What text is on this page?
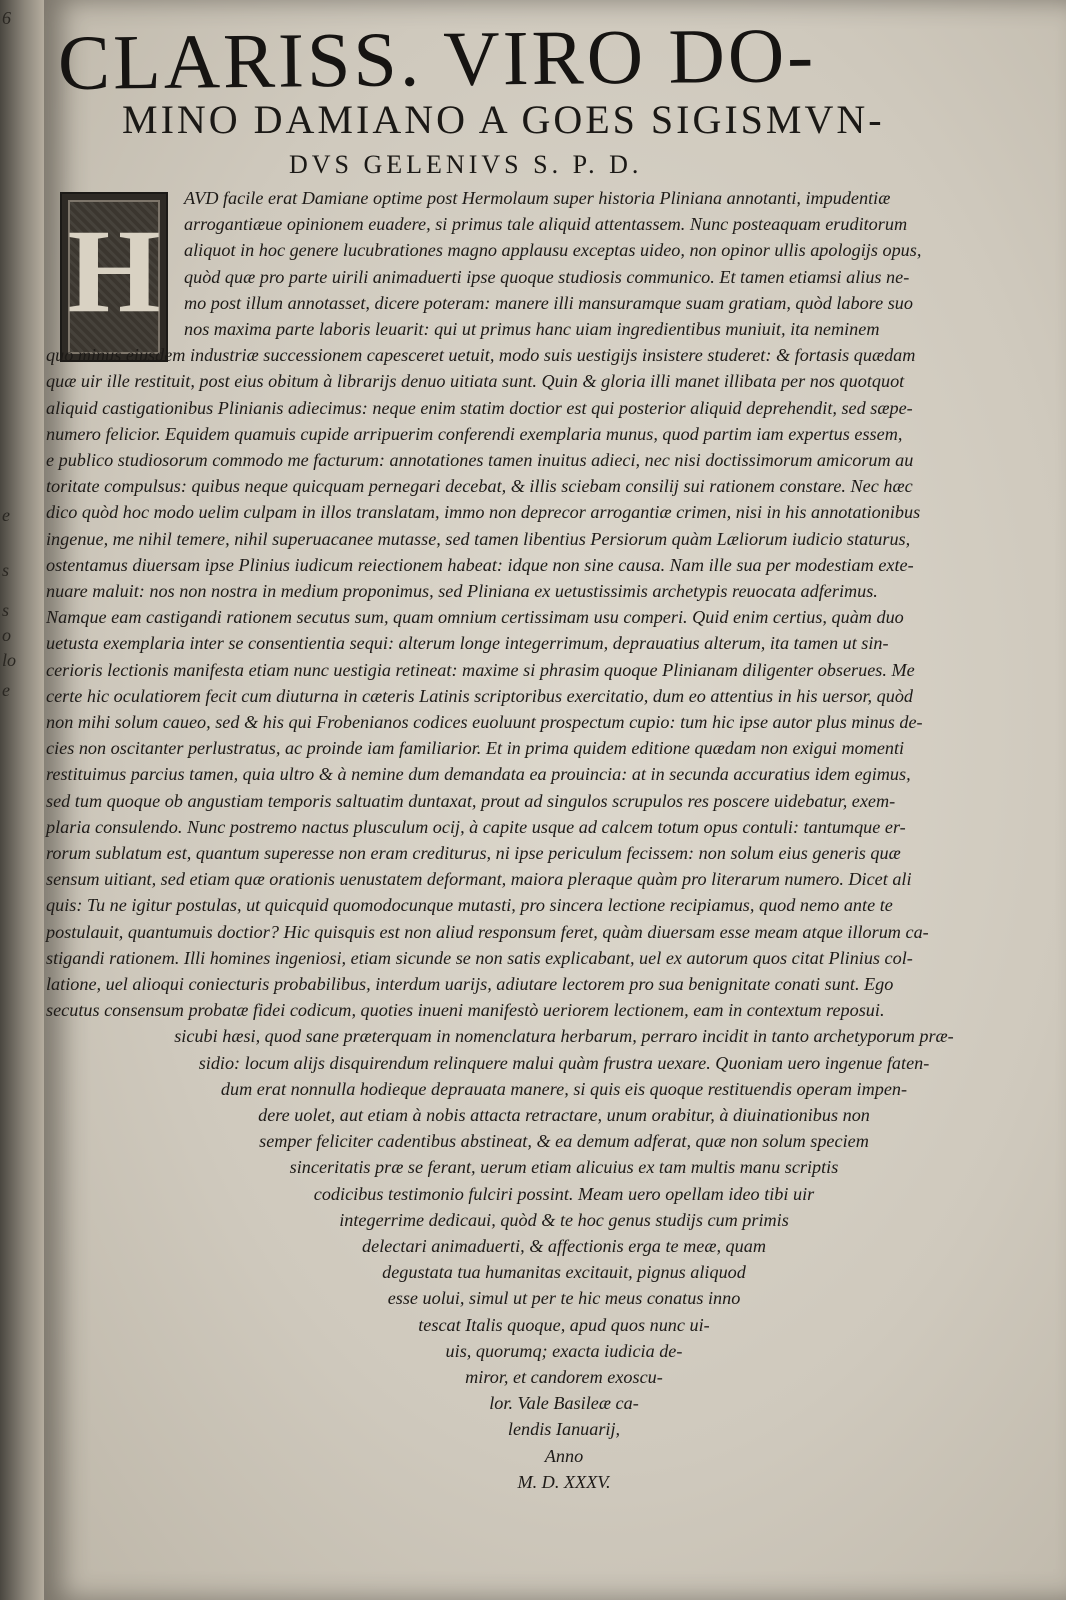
6
e
s
s
o
lo
e
CLARISS. VIRO DO-
MINO DAMIANO A GOES SIGISMVN-
DVS GELENIVS S. P. D.
H
AVD facile erat Damiane optime post Hermolaum super historia Pliniana annotanti, impudentiæ
arrogantiæue opinionem euadere, si primus tale aliquid attentassem. Nunc posteaquam eruditorum
aliquot in hoc genere lucubrationes magno applausu exceptas uideo, non opinor ullis apologijs opus,
quòd quæ pro parte uirili animaduerti ipse quoque studiosis communico. Et tamen etiamsi alius ne-
mo post illum annotasset, dicere poteram: manere illi mansuramque suam gratiam, quòd labore suo
nos maxima parte laboris leuarit: qui ut primus hanc uiam ingredientibus muniuit, ita neminem
quo minus eiusdem industriæ successionem capesceret uetuit, modo suis uestigijs insistere studeret: & fortasis quædam
quæ uir ille restituit, post eius obitum à librarijs denuo uitiata sunt. Quin & gloria illi manet illibata per nos quotquot
aliquid castigationibus Plinianis adiecimus: neque enim statim doctior est qui posterior aliquid deprehendit, sed sæpe-
numero felicior. Equidem quamuis cupide arripuerim conferendi exemplaria munus, quod partim iam expertus essem,
e publico studiosorum commodo me facturum: annotationes tamen inuitus adieci, nec nisi doctissimorum amicorum au
toritate compulsus: quibus neque quicquam pernegari decebat, & illis sciebam consilij sui rationem constare. Nec hæc
dico quòd hoc modo uelim culpam in illos translatam, immo non deprecor arrogantiæ crimen, nisi in his annotationibus
ingenue, me nihil temere, nihil superuacanee mutasse, sed tamen libentius Persiorum quàm Læliorum iudicio staturus,
ostentamus diuersam ipse Plinius iudicum reiectionem habeat: idque non sine causa. Nam ille sua per modestiam exte-
nuare maluit: nos non nostra in medium proponimus, sed Pliniana ex uetustissimis archetypis reuocata adferimus.
Namque eam castigandi rationem secutus sum, quam omnium certissimam usu comperi. Quid enim certius, quàm duo
uetusta exemplaria inter se consentientia sequi: alterum longe integerrimum, deprauatius alterum, ita tamen ut sin-
cerioris lectionis manifesta etiam nunc uestigia retineat: maxime si phrasim quoque Plinianam diligenter obserues. Me
certe hic oculatiorem fecit cum diuturna in cæteris Latinis scriptoribus exercitatio, dum eo attentius in his uersor, quòd
non mihi solum caueo, sed & his qui Frobenianos codices euoluunt prospectum cupio: tum hic ipse autor plus minus de-
cies non oscitanter perlustratus, ac proinde iam familiarior. Et in prima quidem editione quædam non exigui momenti
restituimus parcius tamen, quia ultro & à nemine dum demandata ea prouincia: at in secunda accuratius idem egimus,
sed tum quoque ob angustiam temporis saltuatim duntaxat, prout ad singulos scrupulos res poscere uidebatur, exem-
plaria consulendo. Nunc postremo nactus plusculum ocij, à capite usque ad calcem totum opus contuli: tantumque er-
rorum sublatum est, quantum superesse non eram crediturus, ni ipse periculum fecissem: non solum eius generis quæ
sensum uitiant, sed etiam quæ orationis uenustatem deformant, maiora pleraque quàm pro literarum numero. Dicet ali
quis: Tu ne igitur postulas, ut quicquid quomodocunque mutasti, pro sincera lectione recipiamus, quod nemo ante te
postulauit, quantumuis doctior? Hic quisquis est non aliud responsum feret, quàm diuersam esse meam atque illorum ca-
stigandi rationem. Illi homines ingeniosi, etiam sicunde se non satis explicabant, uel ex autorum quos citat Plinius col-
latione, uel alioqui coniecturis probabilibus, interdum uarijs, adiutare lectorem pro sua benignitate conati sunt. Ego
secutus consensum probatæ fidei codicum, quoties inueni manifestò ueriorem lectionem, eam in contextum reposui.
sicubi hæsi, quod sane præterquam in nomenclatura herbarum, perraro incidit in tanto archetyporum præ-
sidio: locum alijs disquirendum relinquere malui quàm frustra uexare. Quoniam uero ingenue faten-
dum erat nonnulla hodieque deprauata manere, si quis eis quoque restituendis operam impen-
dere uolet, aut etiam à nobis attacta retractare, unum orabitur, à diuinationibus non
semper feliciter cadentibus abstineat, & ea demum adferat, quæ non solum speciem
sinceritatis præ se ferant, uerum etiam alicuius ex tam multis manu scriptis
codicibus testimonio fulciri possint. Meam uero opellam ideo tibi uir
integerrime dedicaui, quòd & te hoc genus studijs cum primis
delectari animaduerti, & affectionis erga te meæ, quam
degustata tua humanitas excitauit, pignus aliquod
esse uolui, simul ut per te hic meus conatus inno
tescat Italis quoque, apud quos nunc ui-
uis, quorumq; exacta iudicia de-
miror, et candorem exoscu-
lor. Vale Basileæ ca-
lendis Ianuarij,
Anno
M. D. XXXV.
